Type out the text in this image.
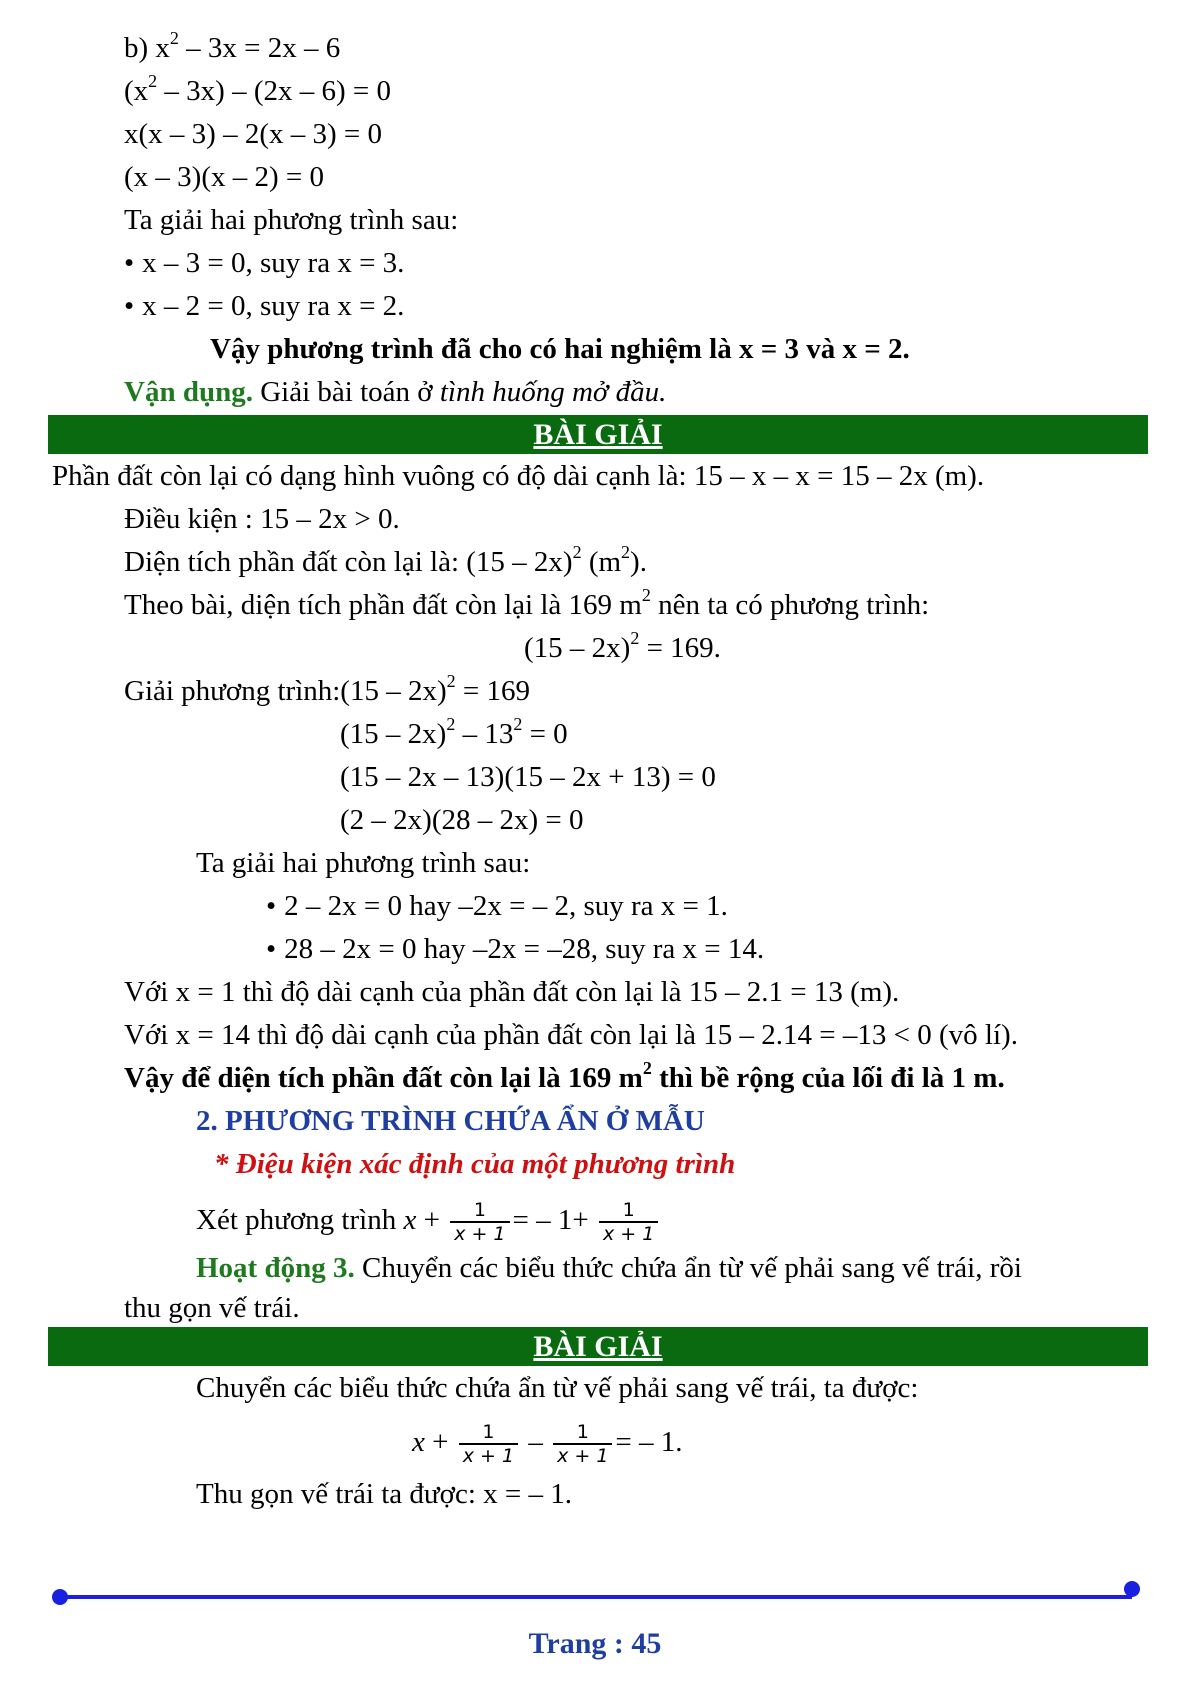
b) $x^2 - 3x = 2x - 6$
$(x^2 - 3x) - (2x - 6) = 0$
x(x – 3) – 2(x – 3) = 0
(x – 3)(x – 2) = 0
Ta giải hai phương trình sau:
• x – 3 = 0, suy ra x = 3.
• x – 2 = 0, suy ra x = 2.
Vậy phương trình đã cho có hai nghiệm là x = 3 và x = 2.
Vận dụng. Giải bài toán ở tình huống mở đầu.
BÀI GIẢI
Phần đất còn lại có dạng hình vuông có độ dài cạnh là: 15 – x – x = 15 – 2x (m).
Điều kiện : 15 – 2x > 0.
Diện tích phần đất còn lại là: (15 – 2x)$^2$ $(m^2)$.
Theo bài, diện tích phần đất còn lại là 169 $m^2$ nên ta có phương trình:
(15 – 2x)$^2$ = 169.
Giải phương trình:(15 – 2x)$^2$ = 169
$(15 - 2x)^2 - 13^2 = 0$
(15 – 2x – 13)(15 – 2x + 13) = 0
(2 – 2x)(28 – 2x) = 0
Ta giải hai phương trình sau:
• 2 – 2x = 0 hay –2x = – 2, suy ra x = 1.
• 28 – 2x = 0 hay –2x = –28, suy ra x = 14.
Với x = 1 thì độ dài cạnh của phần đất còn lại là 15 – 2.1 = 13 (m).
Với x = 14 thì độ dài cạnh của phần đất còn lại là 15 – 2.14 = –13 < 0 (vô lí).
Vậy để diện tích phần đất còn lại là 169 $m^2$ thì bề rộng của lối đi là 1 m.
2. PHƯƠNG TRÌNH CHỨA ẨN Ở MẪU
* Điệu kiện xác định của một phương trình
Xét phương trình $x + \frac{1}{x + 1}$ = – $1+ \frac{1}{x + 1}$
Hoạt động 3. Chuyển các biểu thức chứa ẩn từ vế phải sang vế trái, rồi
thu gọn vế trái.
BÀI GIẢI
Chuyển các biểu thức chứa ẩn từ vế phải sang vế trái, ta được:
$x + \frac{1}{x + 1} - \frac{1}{x + 1}$ = – 1.
Thu gọn vế trái ta được: x = – 1.
Trang : 45
